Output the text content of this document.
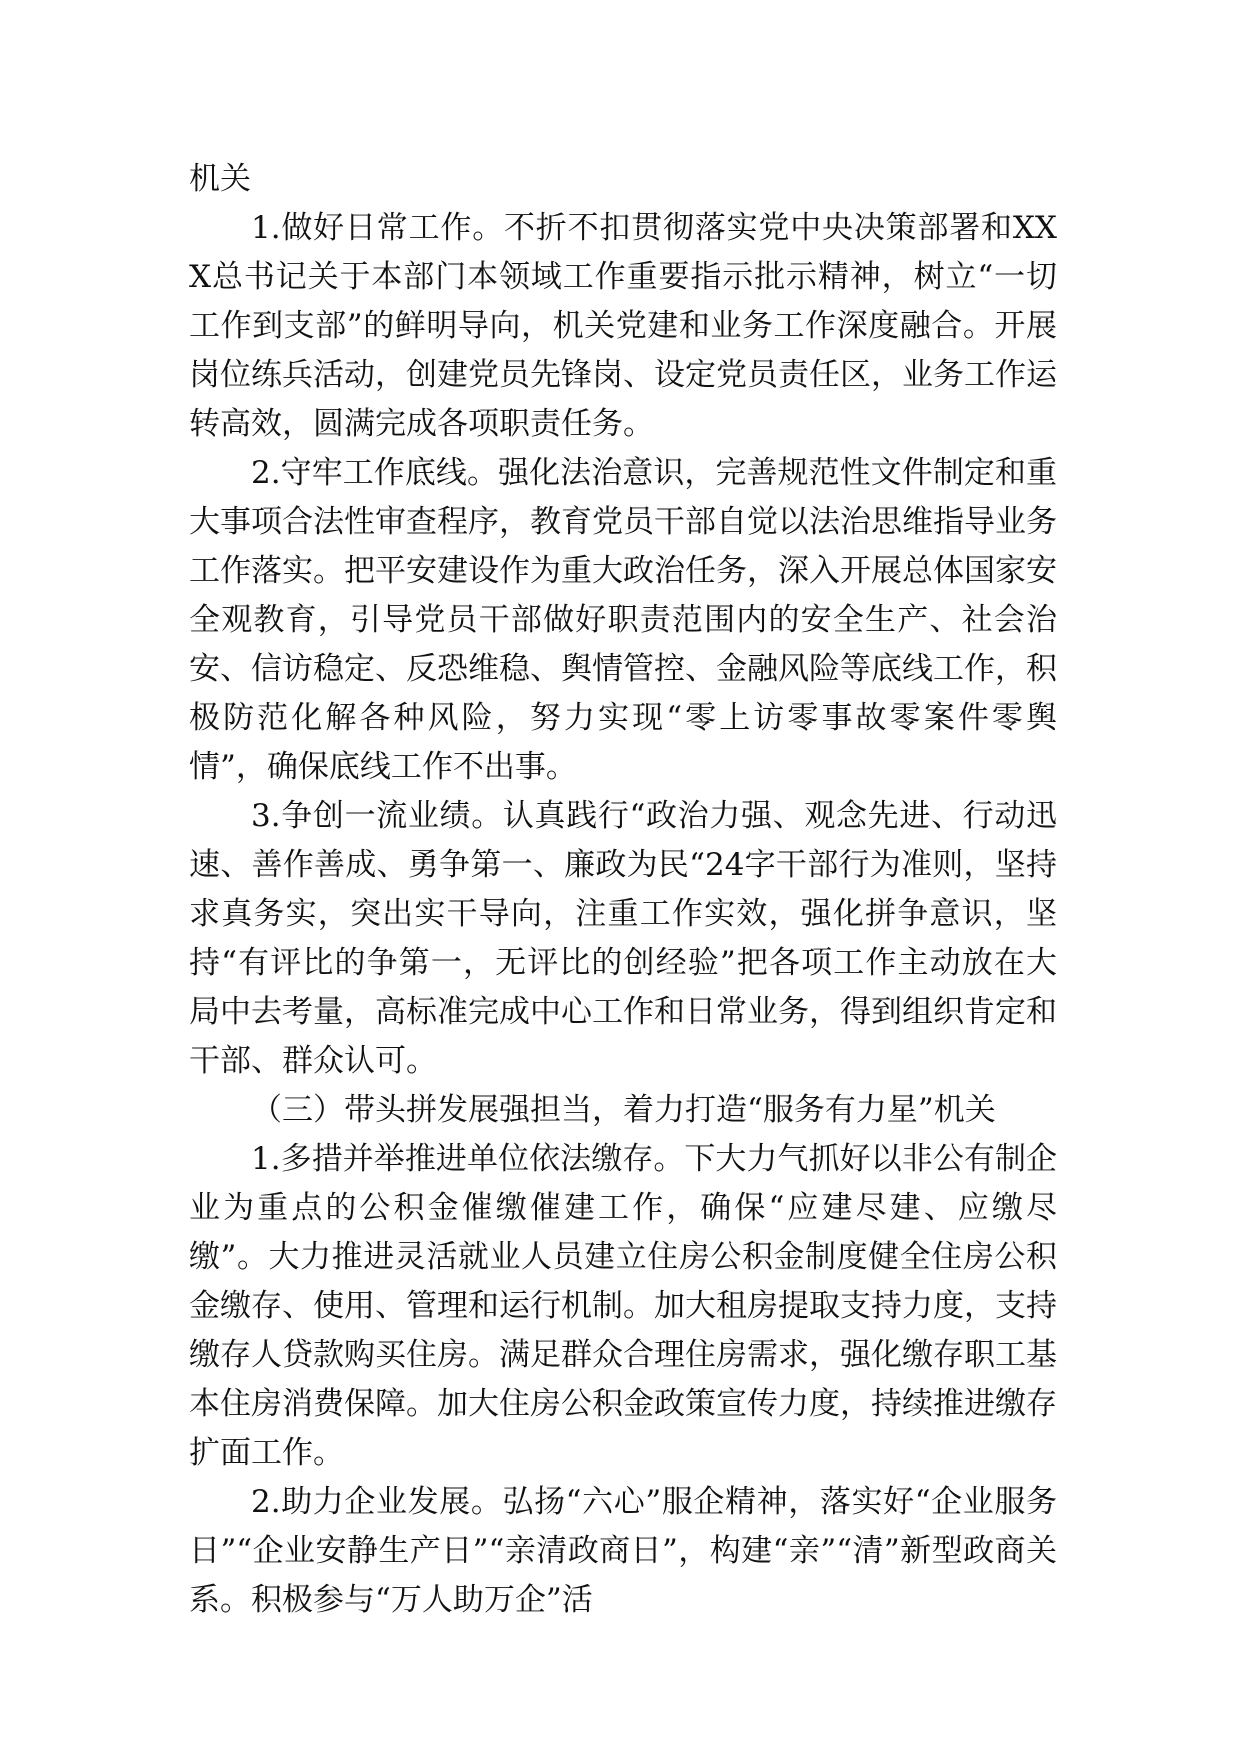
机关

1.做好日常工作。不折不扣贯彻落实党中央决策部署和XXX总书记关于本部门本领域工作重要指示批示精神，树立“一切工作到支部”的鲜明导向，机关党建和业务工作深度融合。开展岗位练兵活动，创建党员先锋岗、设定党员责任区，业务工作运转高效，圆满完成各项职责任务。

2.守牢工作底线。强化法治意识，完善规范性文件制定和重大事项合法性审查程序，教育党员干部自觉以法治思维指导业务工作落实。把平安建设作为重大政治任务，深入开展总体国家安全观教育，引导党员干部做好职责范围内的安全生产、社会治安、信访稳定、反恐维稳、舆情管控、金融风险等底线工作，积极防范化解各种风险，努力实现“零上访零事故零案件零舆情”，确保底线工作不出事。

3.争创一流业绩。认真践行“政治力强、观念先进、行动迅速、善作善成、勇争第一、廉政为民“24字干部行为准则，坚持求真务实，突出实干导向，注重工作实效，强化拼争意识，坚持“有评比的争第一，无评比的创经验”把各项工作主动放在大局中去考量，高标准完成中心工作和日常业务，得到组织肯定和干部、群众认可。

（三）带头拼发展强担当，着力打造“服务有力星”机关

1.多措并举推进单位依法缴存。下大力气抓好以非公有制企业为重点的公积金催缴催建工作，确保“应建尽建、应缴尽缴”。大力推进灵活就业人员建立住房公积金制度健全住房公积金缴存、使用、管理和运行机制。加大租房提取支持力度，支持缴存人贷款购买住房。满足群众合理住房需求，强化缴存职工基本住房消费保障。加大住房公积金政策宣传力度，持续推进缴存扩面工作。

2.助力企业发展。弘扬“六心”服企精神，落实好“企业服务日”“企业安静生产日”“亲清政商日”，构建“亲”“清”新型政商关系。积极参与“万人助万企”活
